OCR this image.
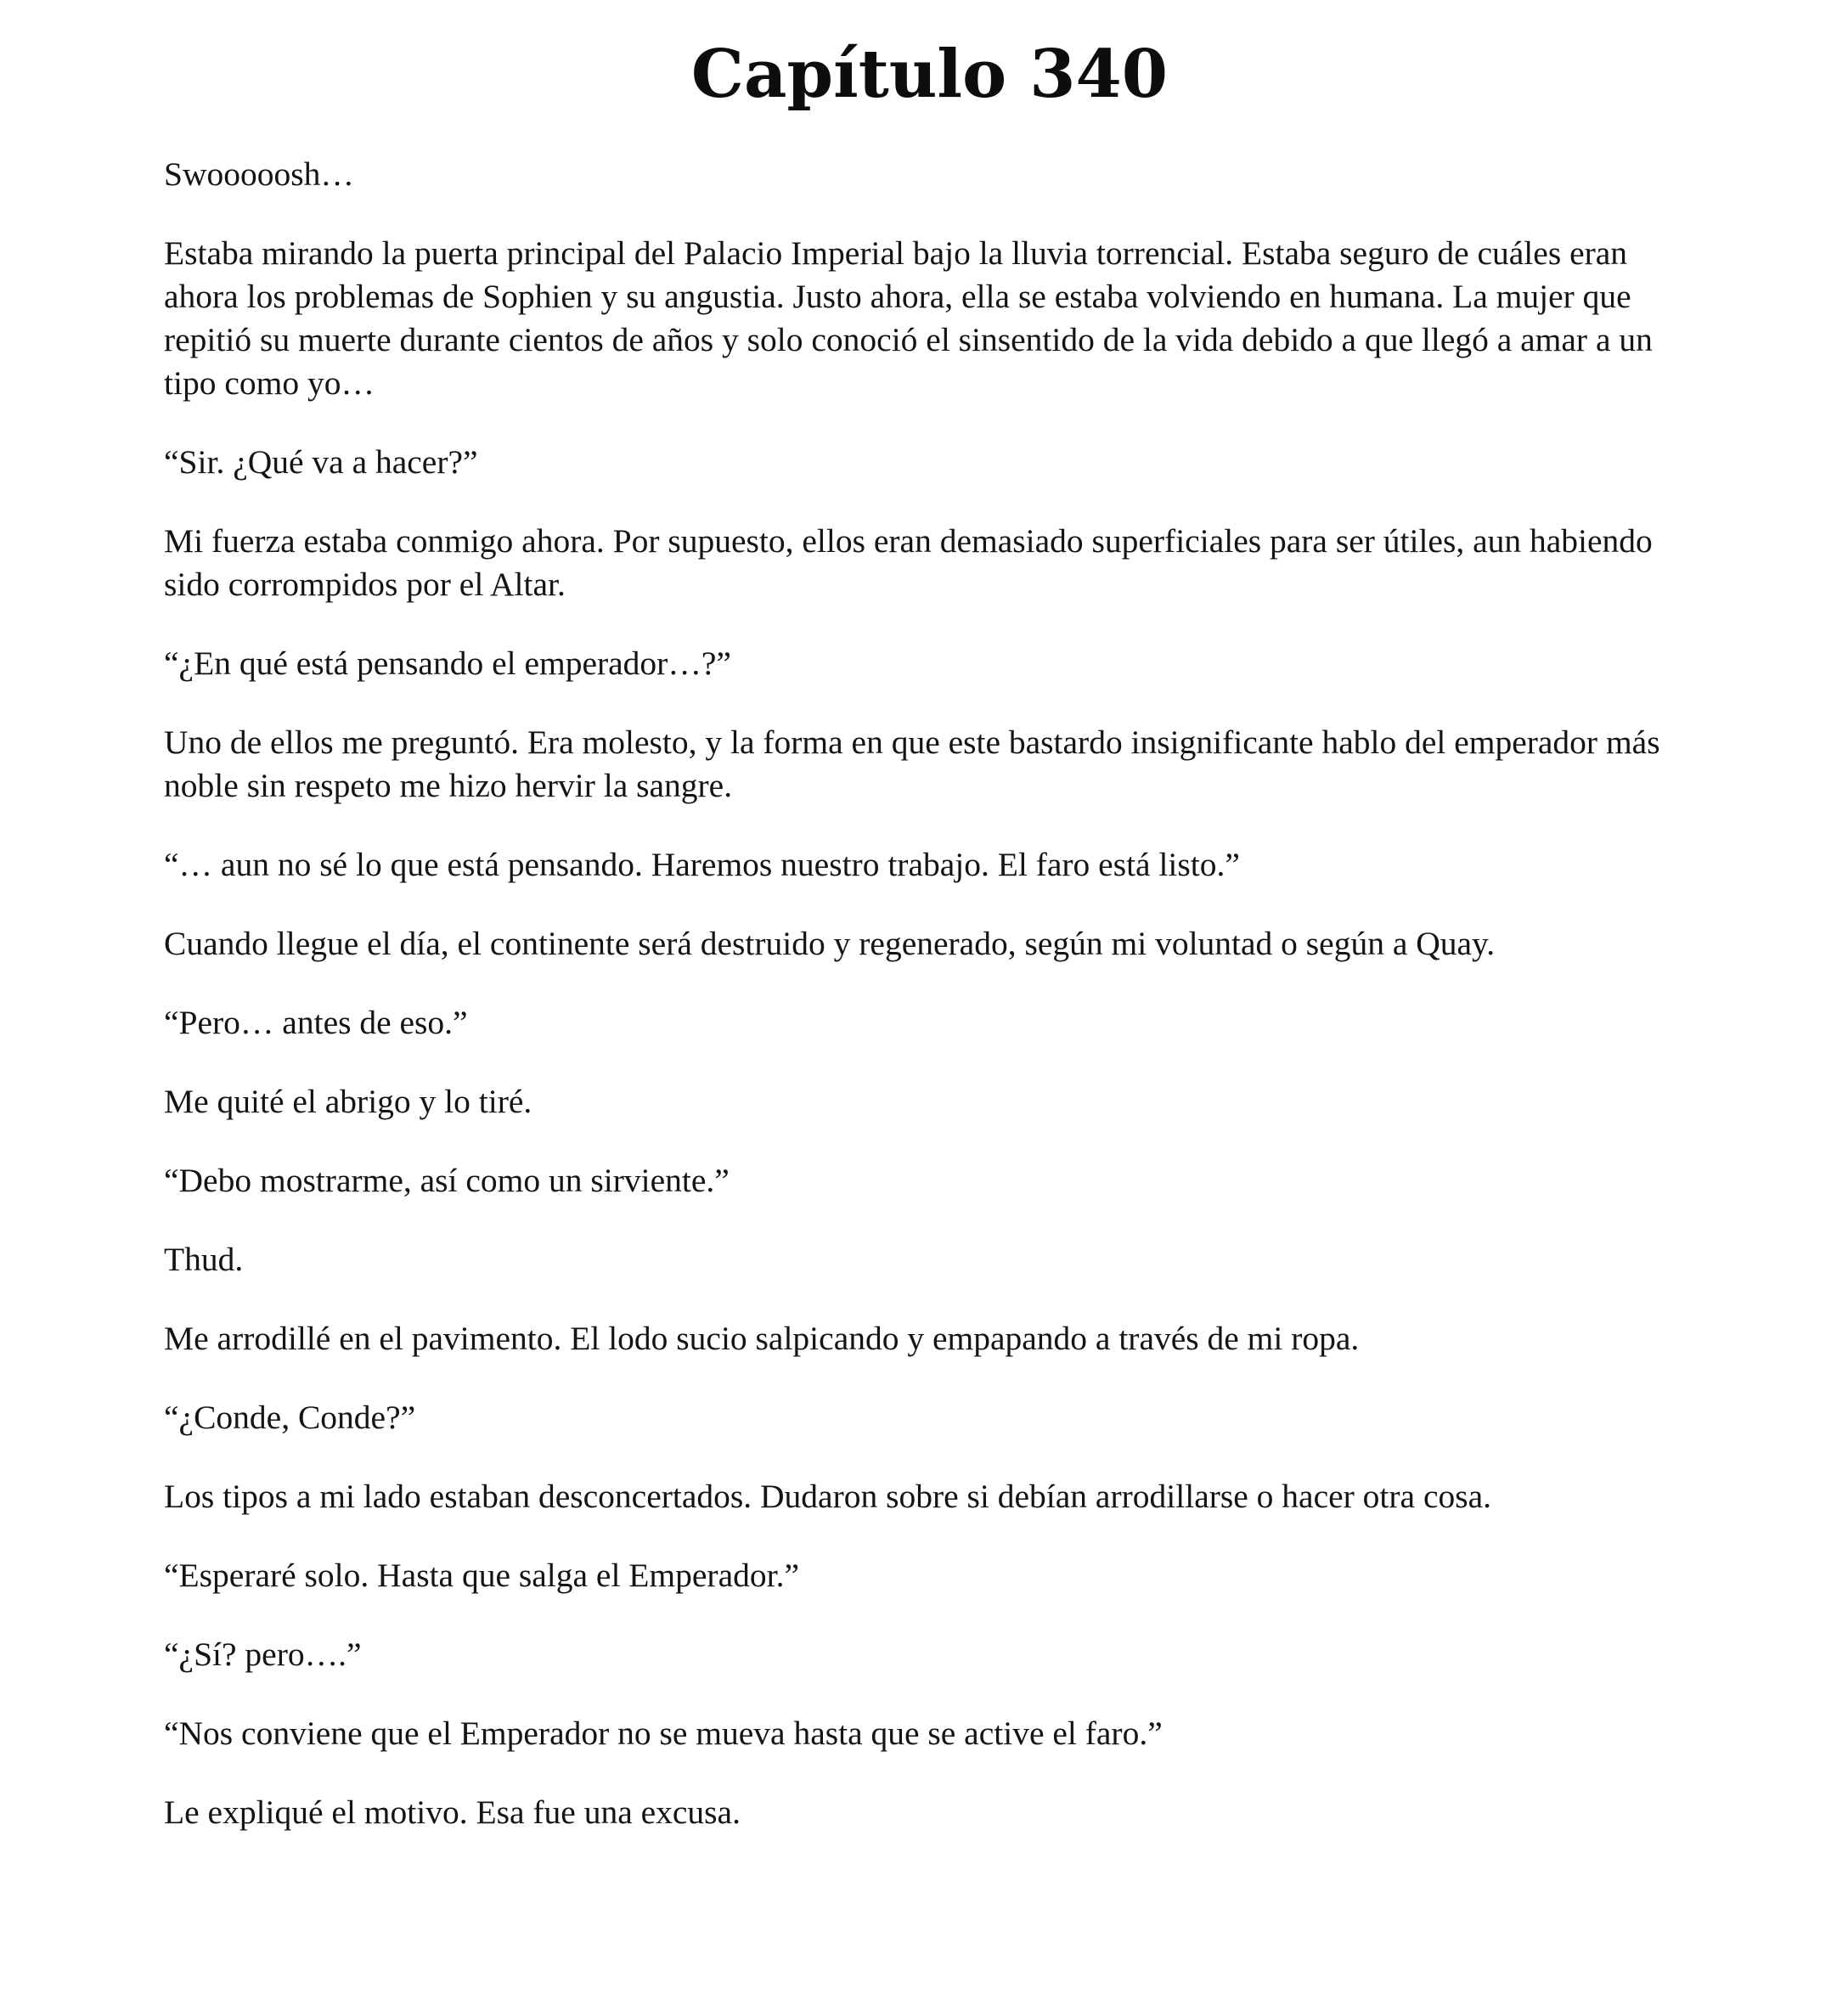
Capítulo 340

Swooooosh…

Estaba mirando la puerta principal del Palacio Imperial bajo la lluvia torrencial. Estaba seguro de cuáles eran ahora los problemas de Sophien y su angustia. Justo ahora, ella se estaba volviendo en humana. La mujer que repitió su muerte durante cientos de años y solo conoció el sinsentido de la vida debido a que llegó a amar a un tipo como yo…

“Sir. ¿Qué va a hacer?”

Mi fuerza estaba conmigo ahora. Por supuesto, ellos eran demasiado superficiales para ser útiles, aun habiendo sido corrompidos por el Altar.

“¿En qué está pensando el emperador…?”

Uno de ellos me preguntó. Era molesto, y la forma en que este bastardo insignificante hablo del emperador más noble sin respeto me hizo hervir la sangre.

“… aun no sé lo que está pensando. Haremos nuestro trabajo. El faro está listo.”

Cuando llegue el día, el continente será destruido y regenerado, según mi voluntad o según a Quay.

“Pero… antes de eso.”

Me quité el abrigo y lo tiré.

“Debo mostrarme, así como un sirviente.”

Thud.

Me arrodillé en el pavimento. El lodo sucio salpicando y empapando a través de mi ropa.

“¿Conde, Conde?”

Los tipos a mi lado estaban desconcertados. Dudaron sobre si debían arrodillarse o hacer otra cosa.

“Esperaré solo. Hasta que salga el Emperador.”

“¿Sí? pero….”

“Nos conviene que el Emperador no se mueva hasta que se active el faro.”

Le expliqué el motivo. Esa fue una excusa.
